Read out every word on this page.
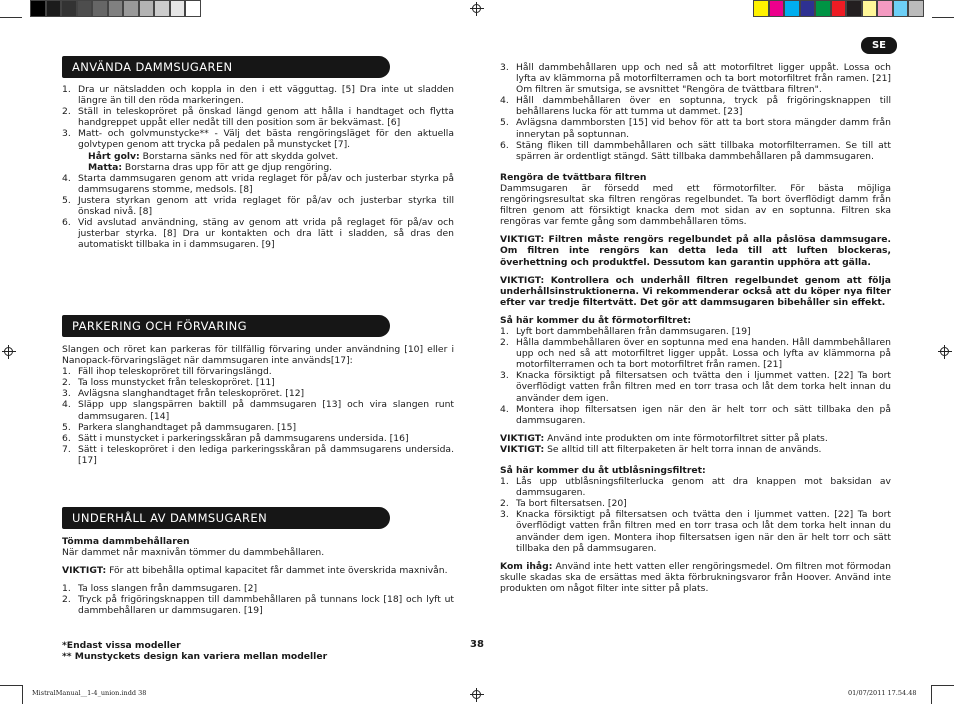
SE
ANVÄNDA DAMMSUGAREN
1. Dra ur nätsladden och koppla in den i ett vägguttag. [5] Dra inte ut sladden längre än till den röda markeringen.
2. Ställ in teleskopröret på önskad längd genom att hålla i handtaget och flytta handgreppet uppåt eller nedåt till den position som är bekvämast. [6]
3. Matt- och golvmunstycke** - Välj det bästa rengöringsläget för den aktuella golvtypen genom att trycka på pedalen på munstycket [7].

Hårt golv: Borstarna sänks ned för att skydda golvet.

Matta: Borstarna dras upp för att ge djup rengöring.

4. Starta dammsugaren genom att vrida reglaget för på/av och justerbar styrka på dammsugarens stomme, medsols. [8]
5. Justera styrkan genom att vrida reglaget för på/av och justerbar styrka till önskad nivå. [8]
6. Vid avslutad användning, stäng av genom att vrida på reglaget för på/av och justerbar styrka. [8] Dra ur kontakten och dra lätt i sladden, så dras den automatiskt tillbaka in i dammsugaren. [9]
PARKERING OCH FÖRVARING

Slangen och röret kan parkeras för tillfällig förvaring under användning [10] eller i Nanopack-förvaringsläget när dammsugaren inte används[17]:

1. Fäll ihop teleskopröret till förvaringslängd.
2. Ta loss munstycket från teleskopröret. [11]
3. Avlägsna slanghandtaget från teleskopröret. [12]
4. Släpp upp slangspärren baktill på dammsugaren [13] och vira slangen runt dammsugaren. [14]
5. Parkera slanghandtaget på dammsugaren. [15]
6. Sätt i munstycket i parkeringsskåran på dammsugarens undersida. [16]
7. Sätt i teleskopröret i den lediga parkeringsskåran på dammsugarens undersida. [17]
UNDERHÅLL AV DAMMSUGAREN

Tömma dammbehållaren

När dammet når maxnivån tömmer du dammbehållaren.

VIKTIGT: För att bibehålla optimal kapacitet får dammet inte överskrida maxnivån.

1. Ta loss slangen från dammsugaren. [2]
2. Tryck på frigöringsknappen till dammbehållaren på tunnans lock [18] och lyft ut dammbehållaren ur dammsugaren. [19]

*Endast vissa modeller

** Munstyckets design kan variera mellan modeller

38
3. Håll dammbehållaren upp och ned så att motorfiltret ligger uppåt. Lossa och lyfta av klämmorna på motorfilterramen och ta bort motorfiltret från ramen. [21] Om filtren är smutsiga, se avsnittet "Rengöra de tvättbara filtren".
4. Håll dammbehållaren över en soptunna, tryck på frigöringsknappen till behållarens lucka för att tumma ut dammet. [23]
5. Avlägsna dammborsten [15] vid behov för att ta bort stora mängder damm från innerytan på soptunnan.
6. Stäng fliken till dammbehållaren och sätt tillbaka motorfilterramen. Se till att spärren är ordentligt stängd. Sätt tillbaka dammbehållaren på dammsugaren.

Rengöra de tvättbara filtren

Dammsugaren är försedd med ett förmotorfilter. För bästa möjliga rengöringsresultat ska filtren rengöras regelbundet. Ta bort överflödigt damm från filtren genom att försiktigt knacka dem mot sidan av en soptunna. Filtren ska rengöras var femte gång som dammbehållaren töms.

VIKTIGT: Filtren måste rengörs regelbundet på alla påslösa dammsugare. Om filtren inte rengörs kan detta leda till att luften blockeras, överhettning och produktfel. Dessutom kan garantin upphöra att gälla.

VIKTIGT: Kontrollera och underhåll filtren regelbundet genom att följa underhållsinstruktionerna. Vi rekommenderar också att du köper nya filter efter var tredje filtertvätt. Det gör att dammsugaren bibehåller sin effekt.

Så här kommer du åt förmotorfiltret:

1. Lyft bort dammbehållaren från dammsugaren. [19]
2. Hålla dammbehållaren över en soptunna med ena handen. Håll dammbehållaren upp och ned så att motorfiltret ligger uppåt. Lossa och lyfta av klämmorna på motorfilterramen och ta bort motorfiltret från ramen. [21]
3. Knacka försiktigt på filtersatsen och tvätta den i ljummet vatten. [22] Ta bort överflödigt vatten från filtren med en torr trasa och låt dem torka helt innan du använder dem igen.
4. Montera ihop filtersatsen igen när den är helt torr och sätt tillbaka den på dammsugaren.

VIKTIGT: Använd inte produkten om inte förmotorfiltret sitter på plats.

VIKTIGT: Se alltid till att filterpaketen är helt torra innan de används.

Så här kommer du åt utblåsningsfiltret:

1. Lås upp utblåsningsfilterlucka genom att dra knappen mot baksidan av dammsugaren.
2. Ta bort filtersatsen. [20]
3. Knacka försiktigt på filtersatsen och tvätta den i ljummet vatten. [22] Ta bort överflödigt vatten från filtren med en torr trasa och låt dem torka helt innan du använder dem igen. Montera ihop filtersatsen igen när den är helt torr och sätt tillbaka den på dammsugaren.

Kom ihåg: Använd inte hett vatten eller rengöringsmedel. Om filtren mot förmodan skulle skadas ska de ersättas med äkta förbrukningsvaror från Hoover. Använd inte produkten om något filter inte sitter på plats.

MistralManual__1-4_union.indd 38	01/07/2011 17.54.48
